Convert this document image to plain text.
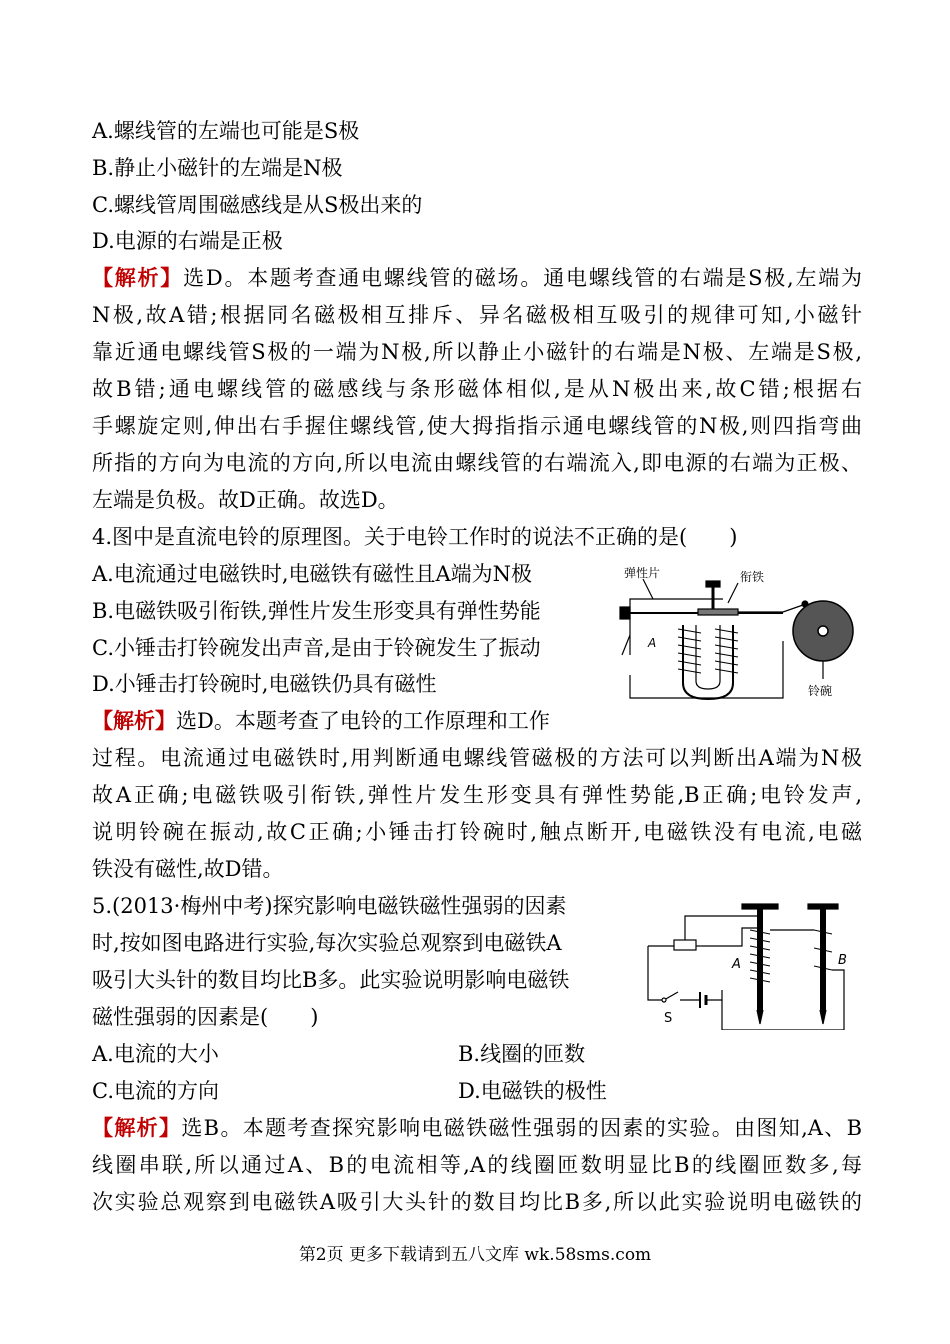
A.螺线管的左端也可能是S极
B.静止小磁针的左端是N极
C.螺线管周围磁感线是从S极出来的
D.电源的右端是正极
【解析】选D。本题考查通电螺线管的磁场。通电螺线管的右端是S极,左端为
N极,故A错;根据同名磁极相互排斥、异名磁极相互吸引的规律可知,小磁针
靠近通电螺线管S极的一端为N极,所以静止小磁针的右端是N极、左端是S极,
故B错;通电螺线管的磁感线与条形磁体相似,是从N极出来,故C错;根据右
手螺旋定则,伸出右手握住螺线管,使大拇指指示通电螺线管的N极,则四指弯曲
所指的方向为电流的方向,所以电流由螺线管的右端流入,即电源的右端为正极、
左端是负极。故D正确。故选D。
4.图中是直流电铃的原理图。关于电铃工作时的说法不正确的是(　　)
A.电流通过电磁铁时,电磁铁有磁性且A端为N极
B.电磁铁吸引衔铁,弹性片发生形变具有弹性势能
C.小锤击打铃碗发出声音,是由于铃碗发生了振动
D.小锤击打铃碗时,电磁铁仍具有磁性
【解析】选D。本题考查了电铃的工作原理和工作
过程。电流通过电磁铁时,用判断通电螺线管磁极的方法可以判断出A端为N极
故A正确;电磁铁吸引衔铁,弹性片发生形变具有弹性势能,B正确;电铃发声,
说明铃碗在振动,故C正确;小锤击打铃碗时,触点断开,电磁铁没有电流,电磁
铁没有磁性,故D错。
弹性片	衔铁
铃碗
A
5.(2013·梅州中考)探究影响电磁铁磁性强弱的因素
时,按如图电路进行实验,每次实验总观察到电磁铁A
吸引大头针的数目均比B多。此实验说明影响电磁铁
磁性强弱的因素是(　　)
A.电流的大小	B.线圈的匝数
C.电流的方向	D.电磁铁的极性
【解析】选B。本题考查探究影响电磁铁磁性强弱的因素的实验。由图知,A、B
线圈串联,所以通过A、B的电流相等,A的线圈匝数明显比B的线圈匝数多,每
次实验总观察到电磁铁A吸引大头针的数目均比B多,所以此实验说明电磁铁的
A	B
S
第2页 更多下载请到五八文库 wk.58sms.com
